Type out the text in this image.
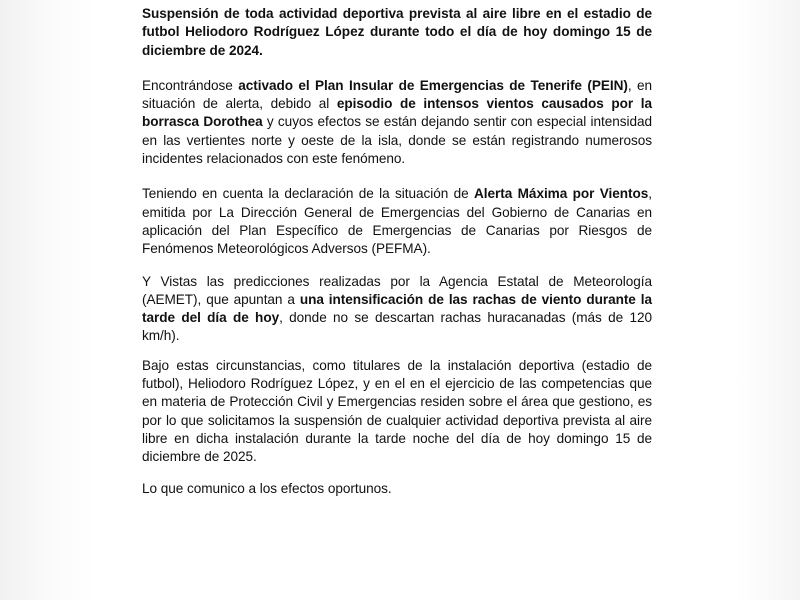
Suspensión de toda actividad deportiva prevista al aire libre en el estadio de futbol Heliodoro Rodríguez López durante todo el día de hoy domingo 15 de diciembre de 2024.

Encontrándose activado el Plan Insular de Emergencias de Tenerife (PEIN), en situación de alerta, debido al episodio de intensos vientos causados por la borrasca Dorothea y cuyos efectos se están dejando sentir con especial intensidad en las vertientes norte y oeste de la isla, donde se están registrando numerosos incidentes relacionados con este fenómeno.

Teniendo en cuenta la declaración de la situación de Alerta Máxima por Vientos, emitida por La Dirección General de Emergencias del Gobierno de Canarias en aplicación del Plan Específico de Emergencias de Canarias por Riesgos de Fenómenos Meteorológicos Adversos (PEFMA).

Y Vistas las predicciones realizadas por la Agencia Estatal de Meteorología (AEMET), que apuntan a una intensificación de las rachas de viento durante la tarde del día de hoy, donde no se descartan rachas huracanadas (más de 120 km/h).

Bajo estas circunstancias, como titulares de la instalación deportiva (estadio de futbol), Heliodoro Rodríguez López, y en el en el ejercicio de las competencias que en materia de Protección Civil y Emergencias residen sobre el área que gestiono, es por lo que solicitamos la suspensión de cualquier actividad deportiva prevista al aire libre en dicha instalación durante la tarde noche del día de hoy domingo 15 de diciembre de 2025.

Lo que comunico a los efectos oportunos.
